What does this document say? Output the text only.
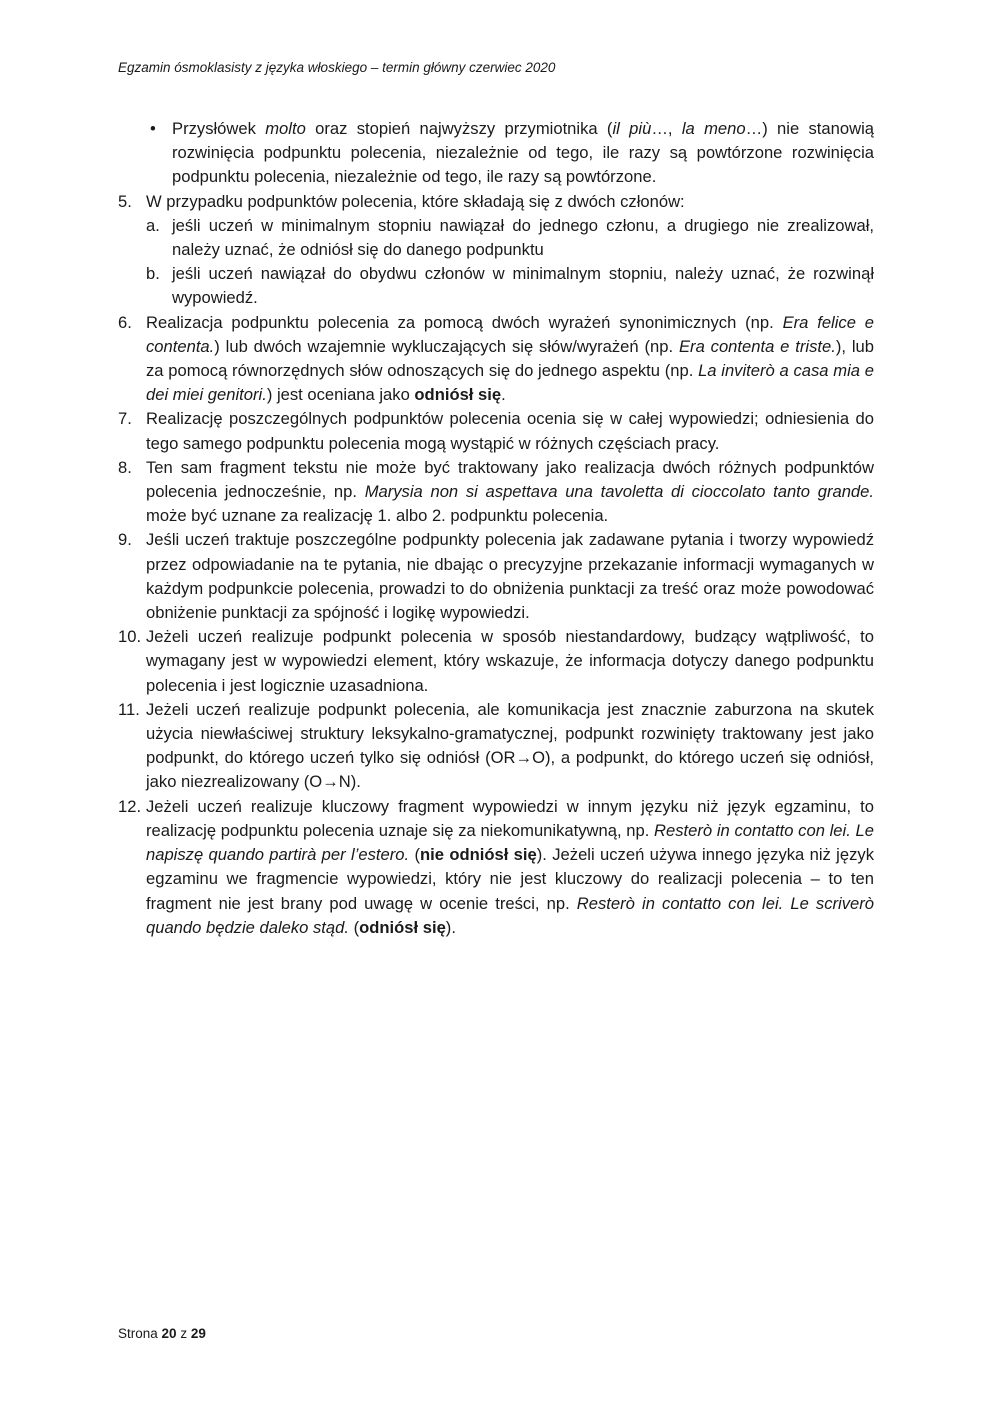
Egzamin ósmoklasisty z języka włoskiego – termin główny czerwiec 2020
• Przysłówek molto oraz stopień najwyższy przymiotnika (il più…, la meno…) nie stanowią rozwinięcia podpunktu polecenia, niezależnie od tego, ile razy są powtórzone rozwinięcia podpunktu polecenia, niezależnie od tego, ile razy są powtórzone.
5. W przypadku podpunktów polecenia, które składają się z dwóch członów:
a. jeśli uczeń w minimalnym stopniu nawiązał do jednego członu, a drugiego nie zrealizował, należy uznać, że odniósł się do danego podpunktu
b. jeśli uczeń nawiązał do obydwu członów w minimalnym stopniu, należy uznać, że rozwinął wypowiedź.
6. Realizacja podpunktu polecenia za pomocą dwóch wyrażeń synonimicznych (np. Era felice e contenta.) lub dwóch wzajemnie wykluczających się słów/wyrażeń (np. Era contenta e triste.), lub za pomocą równorzędnych słów odnoszących się do jednego aspektu (np. La inviterò a casa mia e dei miei genitori.) jest oceniana jako odniósł się.
7. Realizację poszczególnych podpunktów polecenia ocenia się w całej wypowiedzi; odniesienia do tego samego podpunktu polecenia mogą wystąpić w różnych częściach pracy.
8. Ten sam fragment tekstu nie może być traktowany jako realizacja dwóch różnych podpunktów polecenia jednocześnie, np. Marysia non si aspettava una tavoletta di cioccolato tanto grande. może być uznane za realizację 1. albo 2. podpunktu polecenia.
9. Jeśli uczeń traktuje poszczególne podpunkty polecenia jak zadawane pytania i tworzy wypowiedź przez odpowiadanie na te pytania, nie dbając o precyzyjne przekazanie informacji wymaganych w każdym podpunkcie polecenia, prowadzi to do obniżenia punktacji za treść oraz może powodować obniżenie punktacji za spójność i logikę wypowiedzi.
10. Jeżeli uczeń realizuje podpunkt polecenia w sposób niestandardowy, budzący wątpliwość, to wymagany jest w wypowiedzi element, który wskazuje, że informacja dotyczy danego podpunktu polecenia i jest logicznie uzasadniona.
11. Jeżeli uczeń realizuje podpunkt polecenia, ale komunikacja jest znacznie zaburzona na skutek użycia niewłaściwej struktury leksykalno-gramatycznej, podpunkt rozwinięty traktowany jest jako podpunkt, do którego uczeń tylko się odniósł (OR→O), a podpunkt, do którego uczeń się odniósł, jako niezrealizowany (O→N).
12. Jeżeli uczeń realizuje kluczowy fragment wypowiedzi w innym języku niż język egzaminu, to realizację podpunktu polecenia uznaje się za niekomunikatywną, np. Resterò in contatto con lei. Le napiszę quando partirà per l’estero. (nie odniósł się). Jeżeli uczeń używa innego języka niż język egzaminu we fragmencie wypowiedzi, który nie jest kluczowy do realizacji polecenia – to ten fragment nie jest brany pod uwagę w ocenie treści, np. Resterò in contatto con lei. Le scriverò quando będzie daleko stąd. (odniósł się).
Strona 20 z 29
